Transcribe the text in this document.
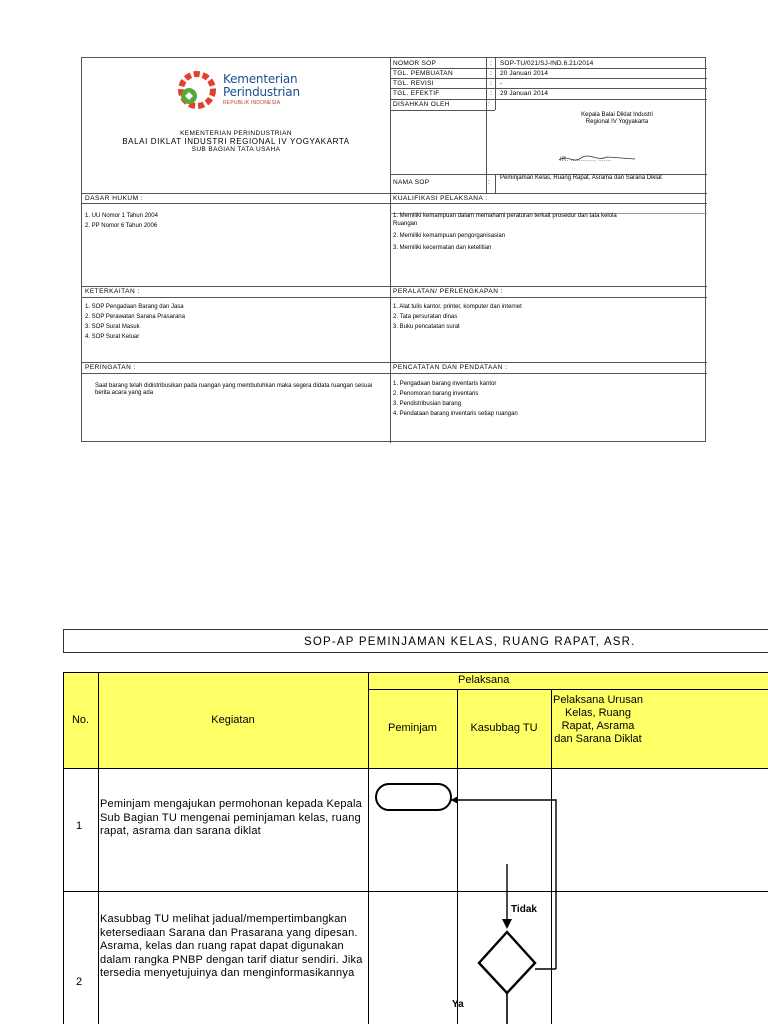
Kementerian
Perindustrian
REPUBLIK INDONESIA
KEMENTERIAN PERINDUSTRIAN
BALAI DIKLAT INDUSTRI REGIONAL IV YOGYAKARTA
SUB BAGIAN TATA USAHA
NOMOR SOP	: SOP-TU/021/SJ-IND.6.21/2014
TGL. PEMBUATAN	: 20 Januari 2014
TGL. REVISI	: -
TGL. EFEKTIF	: 29 Januari 2014
DISAHKAN OLEH	:
Kepala Balai Diklat Industri
Regional IV Yogyakarta
IR. ............, .......
NAMA SOP	:
Peminjaman Kelas, Ruang Rapat, Asrama dan Sarana Diklat
DASAR HUKUM :
1. UU Nomor 1 Tahun 2004
2. PP Nomor 6 Tahun 2006
KUALIFIKASI PELAKSANA :
1. Memiliki kemampuan dalam memahami peraturan terkait prosedur dan tata kelola
Ruangan
2. Memiliki kemampuan pengorganisasian
3. Memiliki kecermatan dan ketelitian
KETERKAITAN :
1. SOP Pengadaan Barang dan Jasa
2. SOP Perawatan Sarana Prasarana
3. SOP Surat Masuk
4. SOP Surat Keluar
PERALATAN/ PERLENGKAPAN :
1. Alat tulis kantor, printer, komputer dan internet
2. Tata persuratan dinas
3. Buku pencatatan surat
PERINGATAN :
Saat barang telah didistribusikan pada ruangan yang membutuhkan maka segera didata ruangan sesuai berita acara yang ada
PENCATATAN DAN PENDATAAN :
1. Pengadaan barang inventaris kantor
2. Penomoran barang inventaris
3. Pendistribusian barang
4. Pendataan barang inventaris setiap ruangan
SOP-AP PEMINJAMAN KELAS, RUANG RAPAT, ASR.
No.	Kegiatan
Pelaksana
Peminjam	Kasubbag TU
Pelaksana Urusan Kelas, Ruang Rapat, Asrama dan Sarana Diklat
1
Peminjam mengajukan permohonan kepada Kepala Sub Bagian TU mengenai peminjaman kelas, ruang rapat, asrama dan sarana diklat
2
Kasubbag TU melihat jadual/mempertimbangkan ketersediaan Sarana dan Prasarana yang dipesan. Asrama, kelas dan ruang rapat dapat digunakan dalam rangka PNBP dengan tarif diatur sendiri. Jika tersedia menyetujuinya dan menginformasikannya
Tidak
Ya
